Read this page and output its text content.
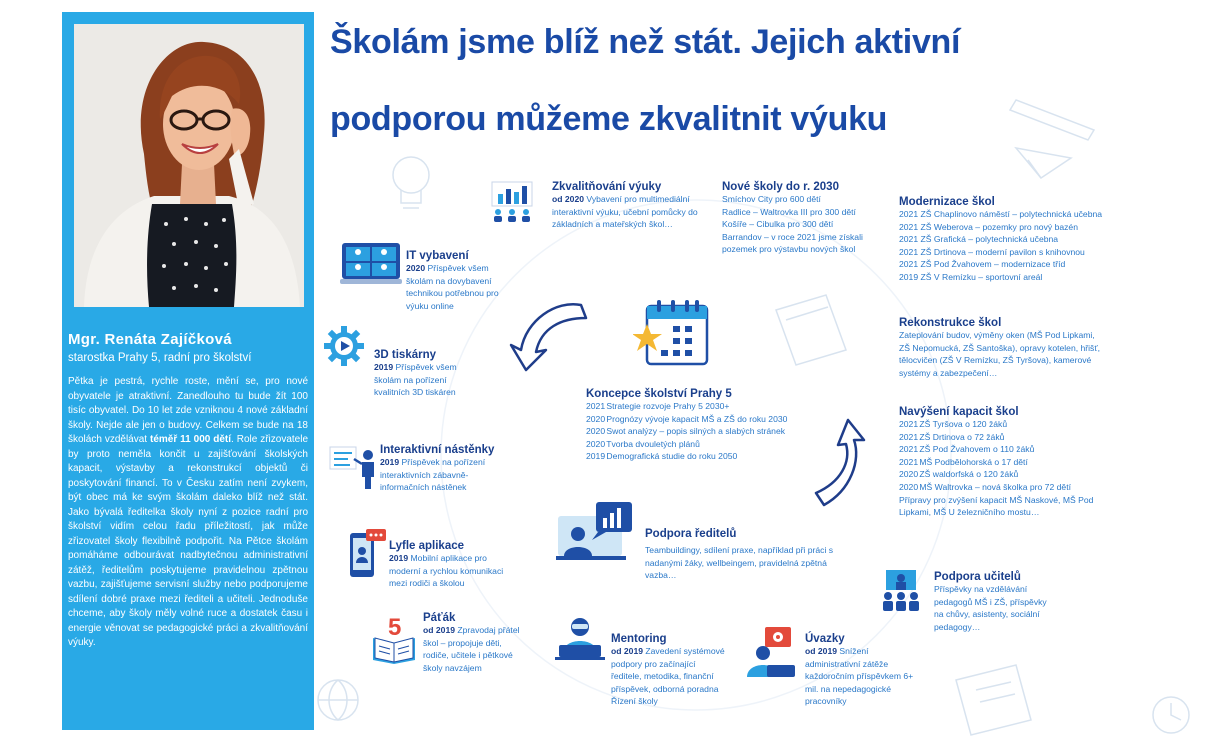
Mgr. Renáta Zajíčková
starostka Prahy 5, radní pro školství
Pětka je pestrá, rychle roste, mění se, pro nové obyvatele je atraktivní. Zanedlouho tu bude žít 100 tisíc obyvatel. Do 10 let zde vzniknou 4 nové základní školy. Nejde ale jen o budovy. Celkem se bude na 18 školách vzdělávat téměř 11 000 dětí. Role zřizovatele by proto neměla končit u zajišťování školských kapacit, výstavby a rekonstrukcí objektů či poskytování financí. To v Česku zatím není zvykem, být obec má ke svým školám daleko blíž než stát. Jako bývalá ředitelka školy nyní z pozice radní pro školství vidím celou řadu příležitostí, jak může zřizovatel školy flexibilně podpořit. Na Pětce školám pomáháme odbourávat nadbytečnou administrativní zátěž, ředitelům poskytujeme pravidelnou zpětnou vazbu, zajišťujeme servisní služby nebo podporujeme sdílení dobré praxe mezi řediteli a učiteli. Jednoduše chceme, aby školy měly volné ruce a dostatek času i energie věnovat se pedagogické práci a zkvalitňování výuky.
Školám jsme blíž než stát. Jejich aktivní
podporou můžeme zkvalitnit výuku
5
IT vybavení
2020 Příspěvek všem školám na dovybavení technikou potřebnou pro výuku online
Zkvalitňování výuky
od 2020 Vybavení pro multimediální interaktivní výuku, učební pomůcky do základních a mateřských škol…
Nové školy do r. 2030
Smíchov City pro 600 dětí
Radlice – Waltrovka III pro 300 dětí
Košíře – Cibulka pro 300 dětí
Barrandov – v roce 2021 jsme získali
pozemek pro výstavbu nových škol
Modernizace škol
2021 ZŠ Chaplinovo náměstí – polytechnická učebna
2021 ZŠ Weberova – pozemky pro nový bazén
2021 ZŠ Grafická – polytechnická učebna
2021 ZŠ Drtinova – moderní pavilon s knihovnou
2021 ZŠ Pod Žvahovem – modernizace tříd
2019 ZŠ V Remízku – sportovní areál
Rekonstrukce škol
Zateplování budov, výměny oken (MŠ Pod Lipkami, ZŠ Nepomucká, ZŠ Santoška), opravy kotelen, hřišť, tělocvičen (ZŠ V Remízku, ZŠ Tyršova), kamerové systémy a zabezpečení…
3D tiskárny
2019 Příspěvek všem školám na pořízení kvalitních 3D tiskáren	Koncepce školství Prahy 5
2021 Strategie rozvoje Prahy 5 2030+
2020 Prognózy vývoje kapacit MŠ a ZŠ do roku 2030
2020 Swot analýzy – popis silných a slabých stránek
2020 Tvorba dvouletých plánů
2019 Demografická studie do roku 2050
Navýšení kapacit škol
2021 ZŠ Tyršova o 120 žáků
2021 ZŠ Drtinova o 72 žáků
2021 ZŠ Pod Žvahovem o 110 žáků
2021 MŠ Podbělohorská o 17 dětí
2020 ZŠ waldorfská o 120 žáků
2020 MŠ Waltrovka – nová školka pro 72 dětí
Přípravy pro zvýšení kapacit MŠ Naskové, MŠ Pod Lipkami, MŠ U železničního mostu…
Interaktivní nástěnky
2019 Příspěvek na pořízení interaktivních zábavně-informačních nástěnek
Podpora ředitelů
Teambuildingy, sdílení praxe, například při práci s nadanými žáky, wellbeingem, pravidelná zpětná vazba…
Lyfle aplikace
2019 Mobilní aplikace pro moderní a rychlou komunikaci mezi rodiči a školou
Podpora učitelů
Příspěvky na vzdělávání pedagogů MŠ i ZŠ, příspěvky na chůvy, asistenty, sociální pedagogy…
Páťák
od 2019 Zpravodaj přátel škol – propojuje děti, rodiče, učitele i pětkové školy navzájem
Mentoring
od 2019 Zavedení systémové podpory pro začínající ředitele, metodika, finanční příspěvek, odborná poradna Řízení školy
Úvazky
od 2019 Snížení administrativní zátěže každoročním příspěvkem 6+ mil. na nepedagogické pracovníky
